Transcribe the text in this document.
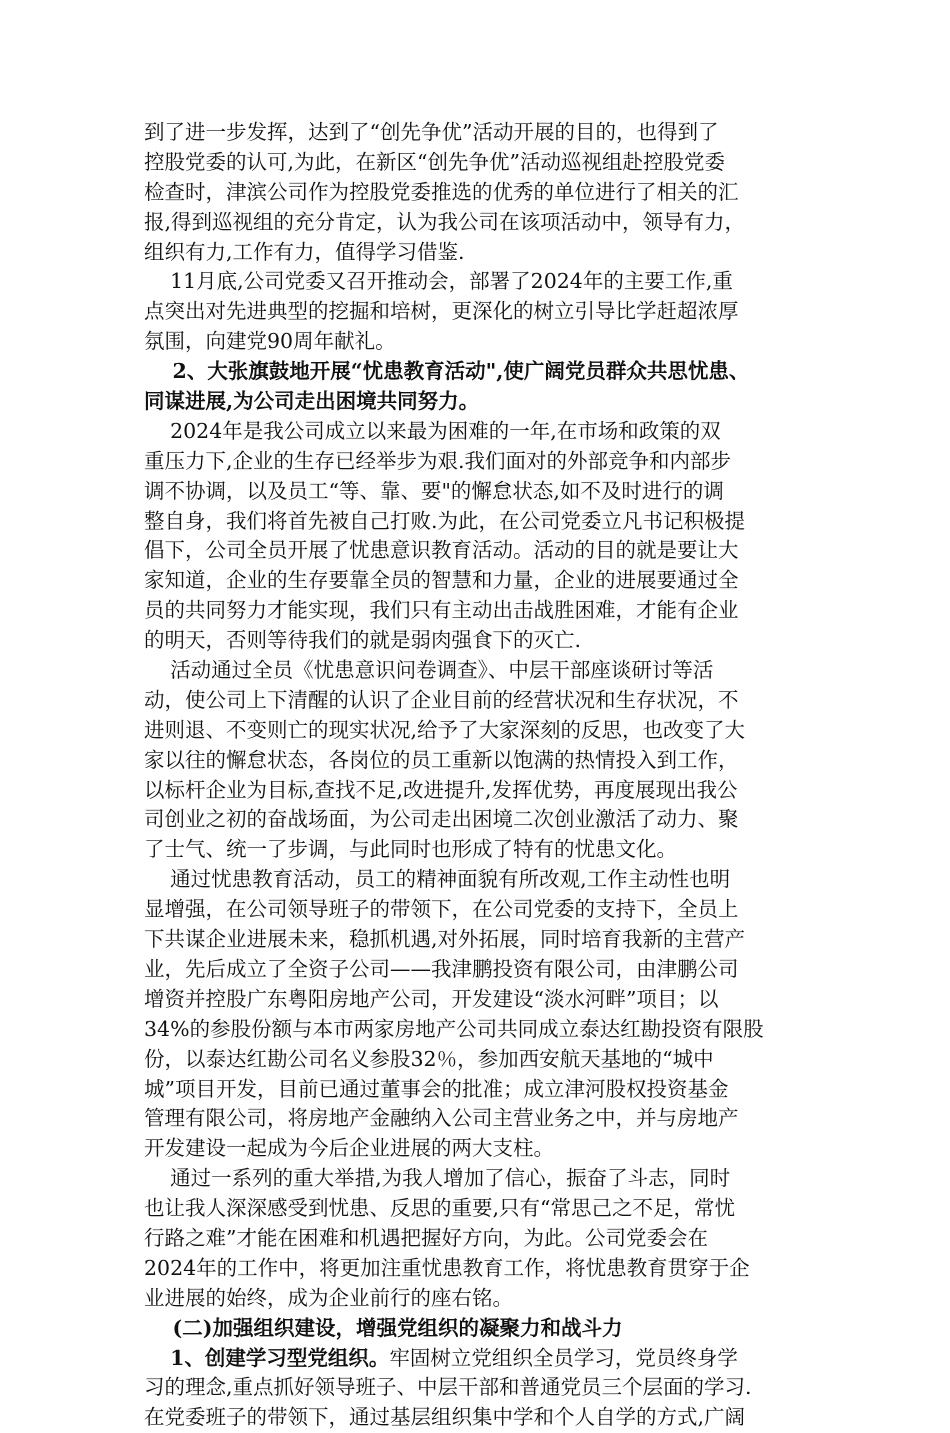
到了进一步发挥，达到了“创先争优”活动开展的目的，也得到了
控股党委的认可,为此，在新区“创先争优”活动巡视组赴控股党委
检查时，津滨公司作为控股党委推选的优秀的单位进行了相关的汇
报,得到巡视组的充分肯定，认为我公司在该项活动中，领导有力，
组织有力,工作有力，值得学习借鉴.
11月底,公司党委又召开推动会，部署了2024年的主要工作,重
点突出对先进典型的挖掘和培树，更深化的树立引导比学赶超浓厚
氛围，向建党90周年献礼。
2、大张旗鼓地开展“忧患教育活动",使广阔党员群众共思忧患、
同谋进展,为公司走出困境共同努力。
2024年是我公司成立以来最为困难的一年,在市场和政策的双
重压力下,企业的生存已经举步为艰.我们面对的外部竞争和内部步
调不协调，以及员工“等、靠、要"的懈怠状态,如不及时进行的调
整自身，我们将首先被自己打败.为此，在公司党委立凡书记积极提
倡下，公司全员开展了忧患意识教育活动。活动的目的就是要让大
家知道，企业的生存要靠全员的智慧和力量，企业的进展要通过全
员的共同努力才能实现，我们只有主动出击战胜困难，才能有企业
的明天，否则等待我们的就是弱肉强食下的灭亡.
活动通过全员《忧患意识问卷调查》、中层干部座谈研讨等活
动，使公司上下清醒的认识了企业目前的经营状况和生存状况，不
进则退、不变则亡的现实状况,给予了大家深刻的反思，也改变了大
家以往的懈怠状态，各岗位的员工重新以饱满的热情投入到工作，
以标杆企业为目标,查找不足,改进提升,发挥优势，再度展现出我公
司创业之初的奋战场面，为公司走出困境二次创业激活了动力、聚
了士气、统一了步调，与此同时也形成了特有的忧患文化。
通过忧患教育活动，员工的精神面貌有所改观,工作主动性也明
显增强，在公司领导班子的带领下，在公司党委的支持下，全员上
下共谋企业进展未来，稳抓机遇,对外拓展，同时培育我新的主营产
业，先后成立了全资子公司——我津鹏投资有限公司，由津鹏公司
增资并控股广东粤阳房地产公司，开发建设“淡水河畔”项目；以
34%的参股份额与本市两家房地产公司共同成立泰达红勘投资有限股
份，以泰达红勘公司名义参股32％，参加西安航天基地的“城中
城”项目开发，目前已通过董事会的批准；成立津河股权投资基金
管理有限公司，将房地产金融纳入公司主营业务之中，并与房地产
开发建设一起成为今后企业进展的两大支柱。
通过一系列的重大举措,为我人增加了信心，振奋了斗志，同时
也让我人深深感受到忧患、反思的重要,只有“常思己之不足，常忧
行路之难”才能在困难和机遇把握好方向，为此。公司党委会在
2024年的工作中，将更加注重忧患教育工作，将忧患教育贯穿于企
业进展的始终，成为企业前行的座右铭。
(二)加强组织建设，增强党组织的凝聚力和战斗力
1、创建学习型党组织。牢固树立党组织全员学习，党员终身学
习的理念,重点抓好领导班子、中层干部和普通党员三个层面的学习.
在党委班子的带领下，通过基层组织集中学和个人自学的方式,广阔
